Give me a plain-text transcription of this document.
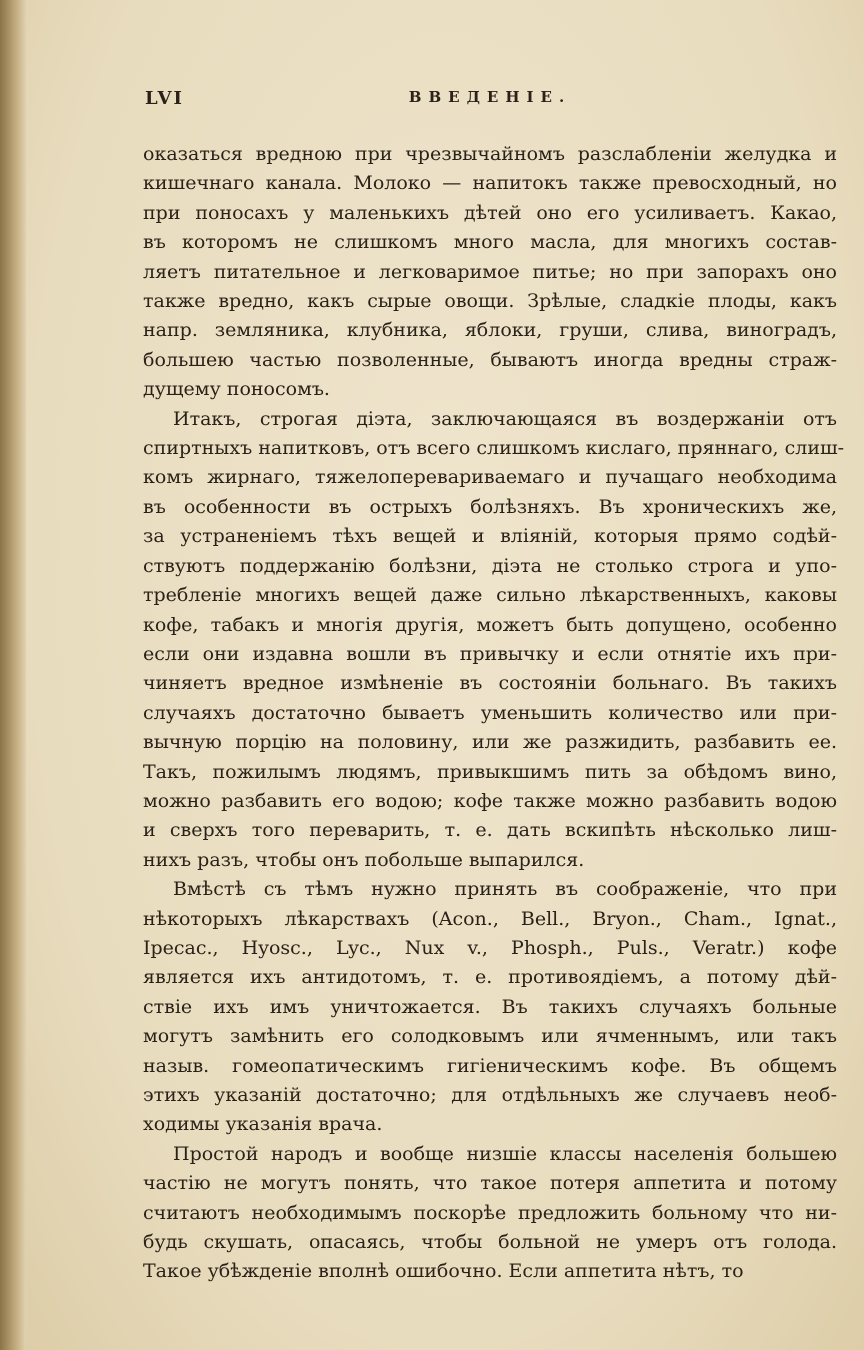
LVI	ВВЕДЕНІЕ.
оказаться вредною при чрезвычайномъ разслабленіи желудка и
кишечнаго канала. Молоко — напитокъ также превосходный, но
при поносахъ у маленькихъ дѣтей оно его усиливаетъ. Какао,
въ которомъ не слишкомъ много масла, для многихъ состав-
ляетъ питательное и легковаримое питье; но при запорахъ оно
также вредно, какъ сырые овощи. Зрѣлые, сладкіе плоды, какъ
напр. земляника, клубника, яблоки, груши, слива, виноградъ,
большею частью позволенные, бываютъ иногда вредны страж-
дущему поносомъ.
Итакъ, строгая діэта, заключающаяся въ воздержаніи отъ
спиртныхъ напитковъ, отъ всего слишкомъ кислаго, пряннаго, слиш-
комъ жирнаго, тяжелоперевариваемаго и пучащаго необходима
въ особенности въ острыхъ болѣзняхъ. Въ хроническихъ же,
за устраненіемъ тѣхъ вещей и вліяній, которыя прямо содѣй-
ствуютъ поддержанію болѣзни, діэта не столько строга и упо-
требленіе многихъ вещей даже сильно лѣкарственныхъ, каковы
кофе, табакъ и многія другія, можетъ быть допущено, особенно
если они издавна вошли въ привычку и если отнятіе ихъ при-
чиняетъ вредное измѣненіе въ состояніи больнаго. Въ такихъ
случаяхъ достаточно бываетъ уменьшить количество или при-
вычную порцію на половину, или же разжидить, разбавить ее.
Такъ, пожилымъ людямъ, привыкшимъ пить за обѣдомъ вино,
можно разбавить его водою; кофе также можно разбавить водою
и сверхъ того переварить, т. е. дать вскипѣть нѣсколько лиш-
нихъ разъ, чтобы онъ побольше выпарился.
Вмѣстѣ съ тѣмъ нужно принять въ соображеніе, что при
нѣкоторыхъ лѣкарствахъ (Acon., Bell., Bryon., Cham., Ignat.,
Ipecac., Hyosc., Lyc., Nux v., Phosph., Puls., Veratr.) кофе
является ихъ антидотомъ, т. е. противоядіемъ, а потому дѣй-
ствіе ихъ имъ уничтожается. Въ такихъ случаяхъ больные
могутъ замѣнить его солодковымъ или ячменнымъ, или такъ
назыв. гомеопатическимъ гигіеническимъ кофе. Въ общемъ
этихъ указаній достаточно; для отдѣльныхъ же случаевъ необ-
ходимы указанія врача.
Простой народъ и вообще низшіе классы населенія большею
частію не могутъ понять, что такое потеря аппетита и потому
считаютъ необходимымъ поскорѣе предложить больному что ни-
будь скушать, опасаясь, чтобы больной не умеръ отъ голода.
Такое убѣжденіе вполнѣ ошибочно. Если аппетита нѣтъ, то
